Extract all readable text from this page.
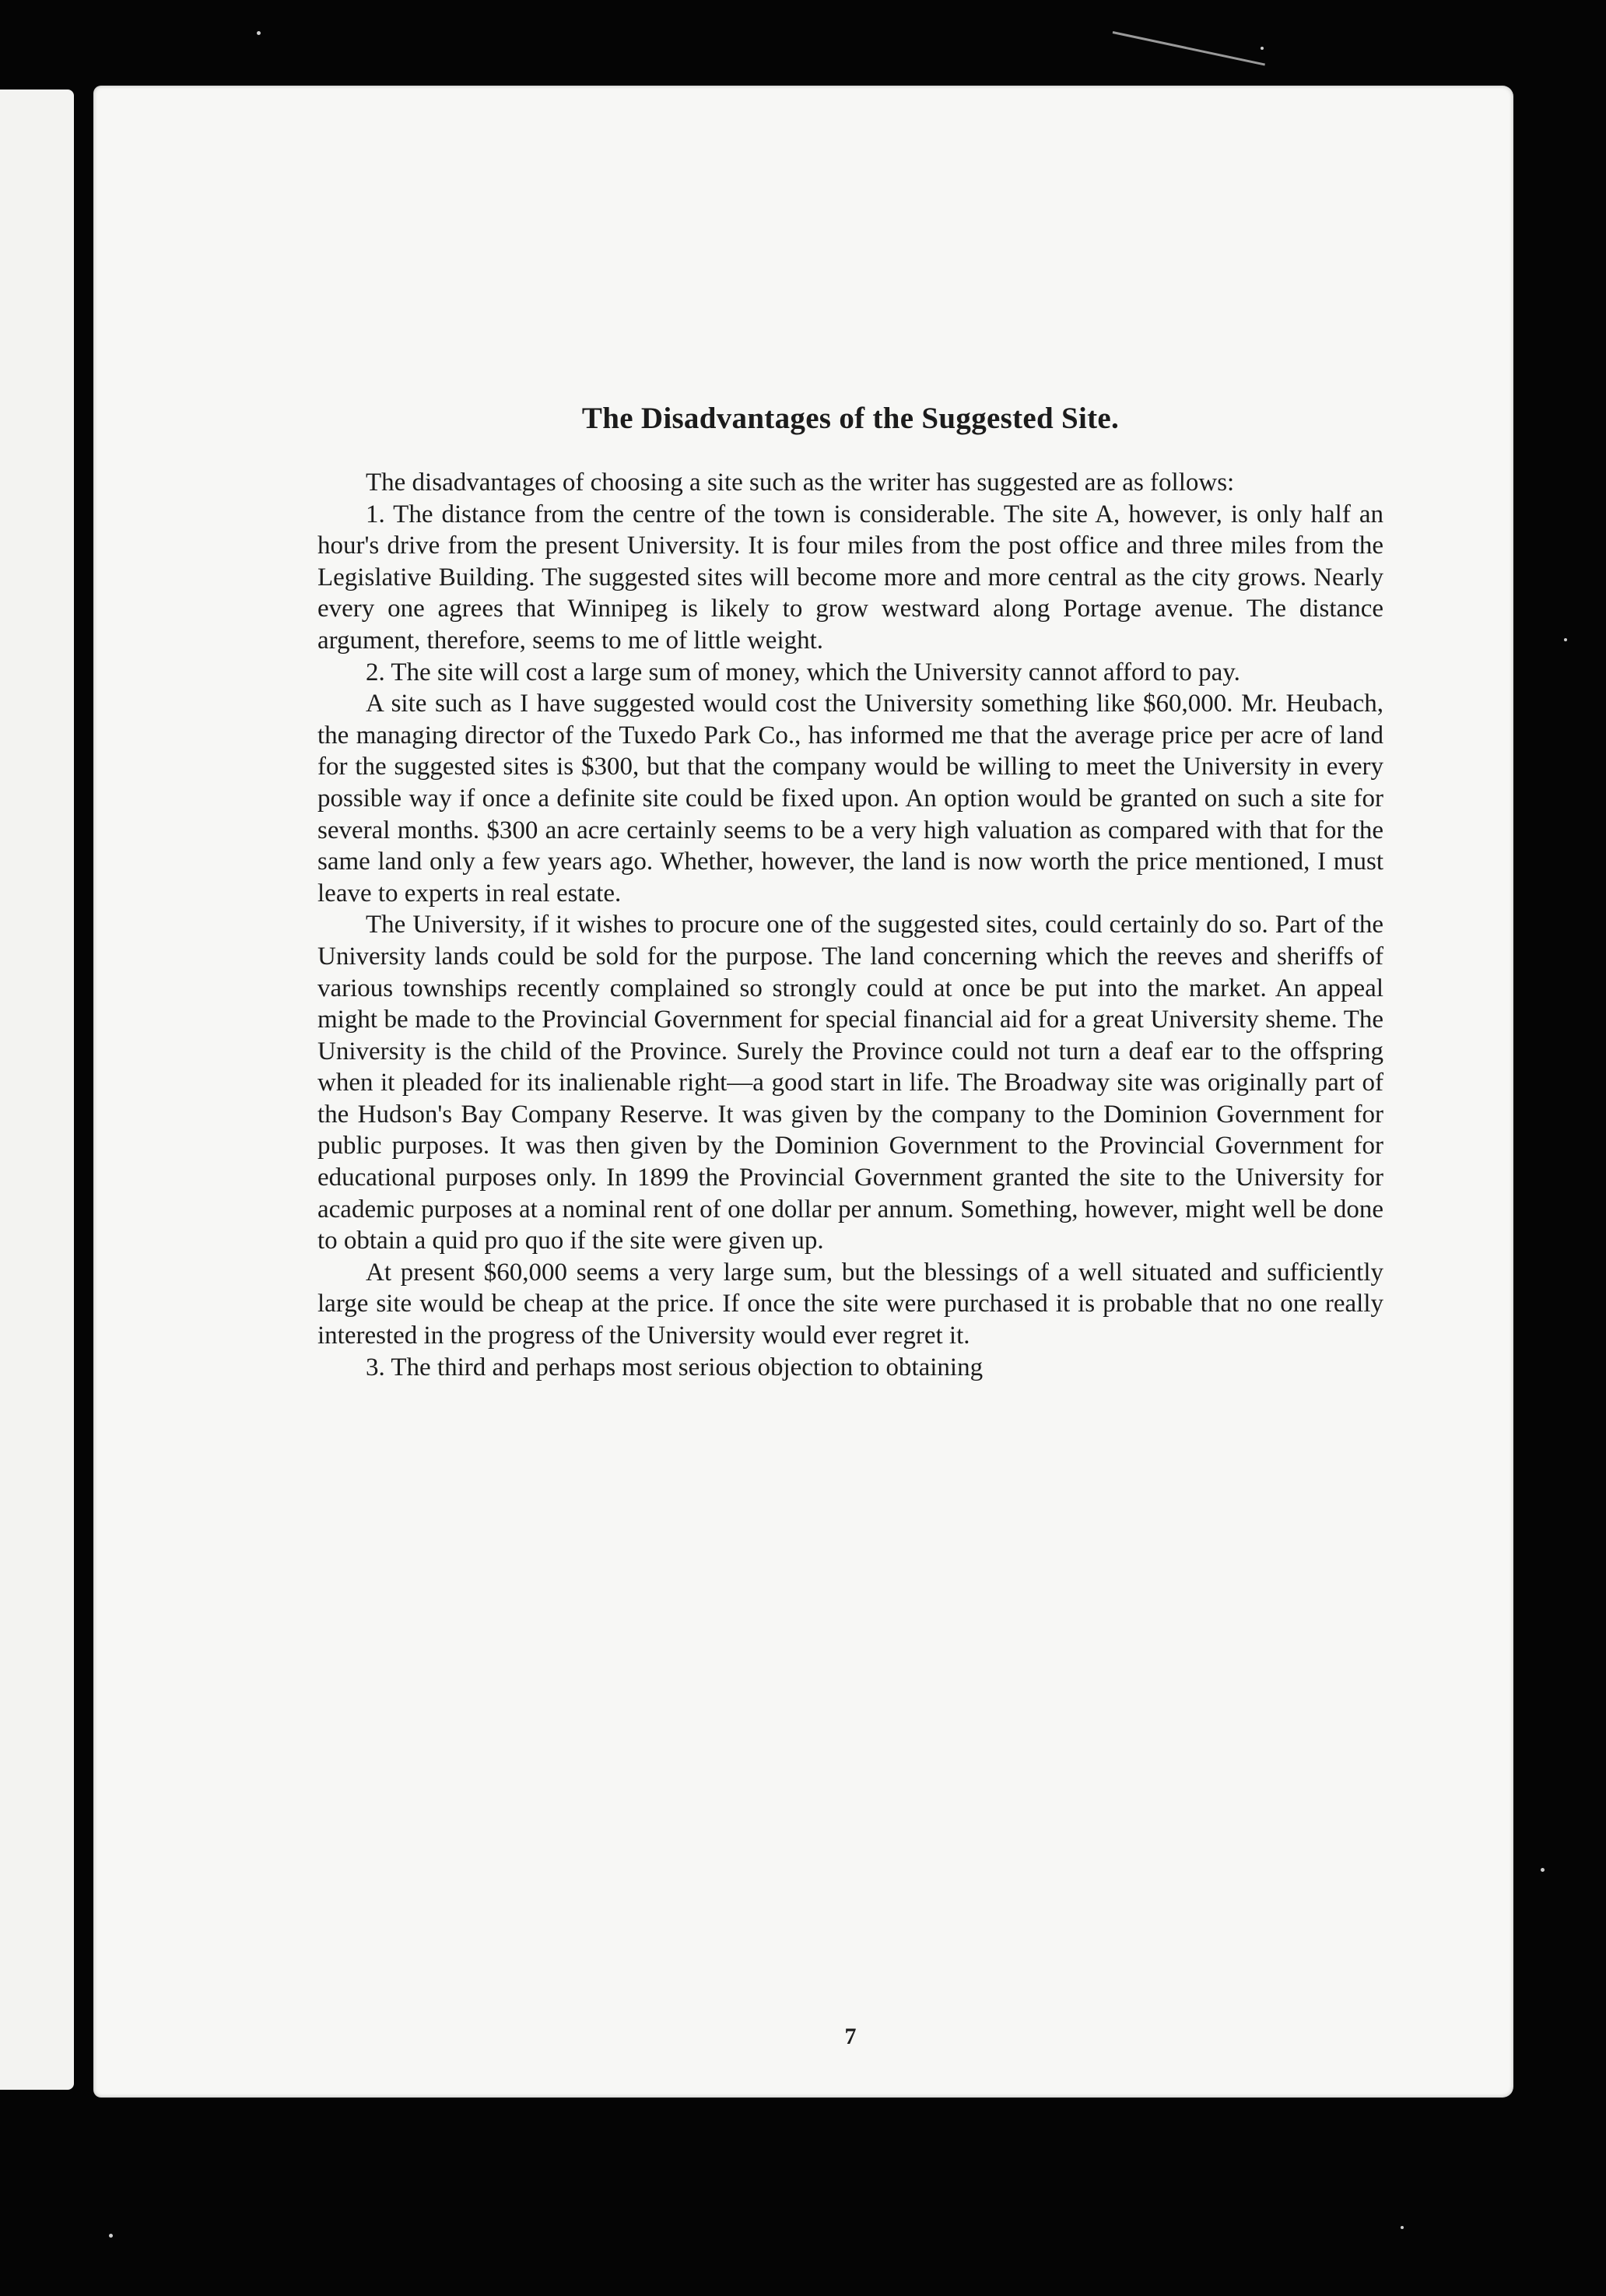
The Disadvantages of the Suggested Site.

The disadvantages of choosing a site such as the writer has suggested are as follows:

1. The distance from the centre of the town is considerable. The site A, however, is only half an hour's drive from the present University. It is four miles from the post office and three miles from the Legislative Building. The suggested sites will become more and more central as the city grows. Nearly every one agrees that Winnipeg is likely to grow westward along Portage avenue. The distance argument, therefore, seems to me of little weight.

2. The site will cost a large sum of money, which the University cannot afford to pay.

A site such as I have suggested would cost the University something like $60,000. Mr. Heubach, the managing director of the Tuxedo Park Co., has informed me that the average price per acre of land for the suggested sites is $300, but that the company would be willing to meet the University in every possible way if once a definite site could be fixed upon. An option would be granted on such a site for several months. $300 an acre certainly seems to be a very high valuation as compared with that for the same land only a few years ago. Whether, however, the land is now worth the price mentioned, I must leave to experts in real estate.

The University, if it wishes to procure one of the suggested sites, could certainly do so. Part of the University lands could be sold for the purpose. The land concerning which the reeves and sheriffs of various townships recently complained so strongly could at once be put into the market. An appeal might be made to the Provincial Government for special financial aid for a great University sheme. The University is the child of the Province. Surely the Province could not turn a deaf ear to the offspring when it pleaded for its inalienable right—a good start in life. The Broadway site was originally part of the Hudson's Bay Company Reserve. It was given by the company to the Dominion Government for public purposes. It was then given by the Dominion Government to the Provincial Government for educational purposes only. In 1899 the Provincial Government granted the site to the University for academic purposes at a nominal rent of one dollar per annum. Something, however, might well be done to obtain a quid pro quo if the site were given up.

At present $60,000 seems a very large sum, but the blessings of a well situated and sufficiently large site would be cheap at the price. If once the site were purchased it is probable that no one really interested in the progress of the University would ever regret it.

3. The third and perhaps most serious objection to obtaining

7
